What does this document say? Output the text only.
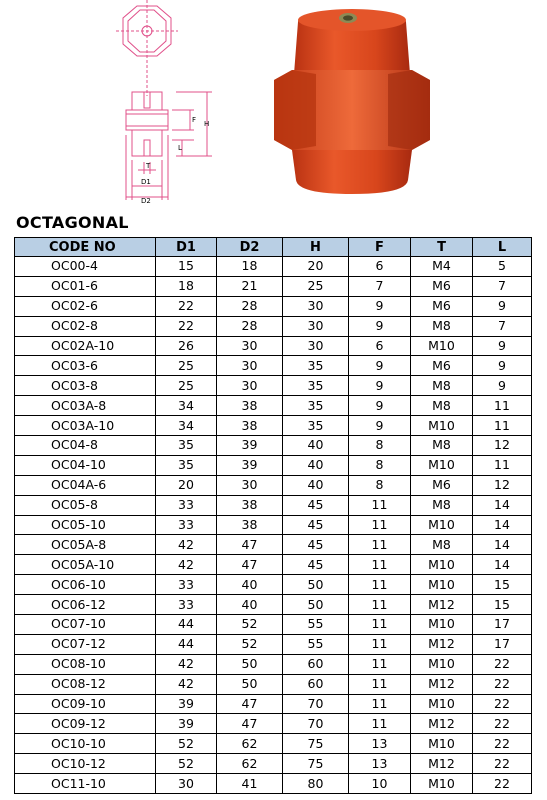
H
F
L
T
D1
D2
OCTAGONAL
CODE NO	D1	D2	H	F	T	L
OC00-4	15	18	20	6	M4	5
OC01-6	18	21	25	7	M6	7
OC02-6	22	28	30	9	M6	9
OC02-8	22	28	30	9	M8	7
OC02A-10	26	30	30	6	M10	9
OC03-6	25	30	35	9	M6	9
OC03-8	25	30	35	9	M8	9
OC03A-8	34	38	35	9	M8	11
OC03A-10	34	38	35	9	M10	11
OC04-8	35	39	40	8	M8	12
OC04-10	35	39	40	8	M10	11
OC04A-6	20	30	40	8	M6	12
OC05-8	33	38	45	11	M8	14
OC05-10	33	38	45	11	M10	14
OC05A-8	42	47	45	11	M8	14
OC05A-10	42	47	45	11	M10	14
OC06-10	33	40	50	11	M10	15
OC06-12	33	40	50	11	M12	15
OC07-10	44	52	55	11	M10	17
OC07-12	44	52	55	11	M12	17
OC08-10	42	50	60	11	M10	22
OC08-12	42	50	60	11	M12	22
OC09-10	39	47	70	11	M10	22
OC09-12	39	47	70	11	M12	22
OC10-10	52	62	75	13	M10	22
OC10-12	52	62	75	13	M12	22
OC11-10	30	41	80	10	M10	22
